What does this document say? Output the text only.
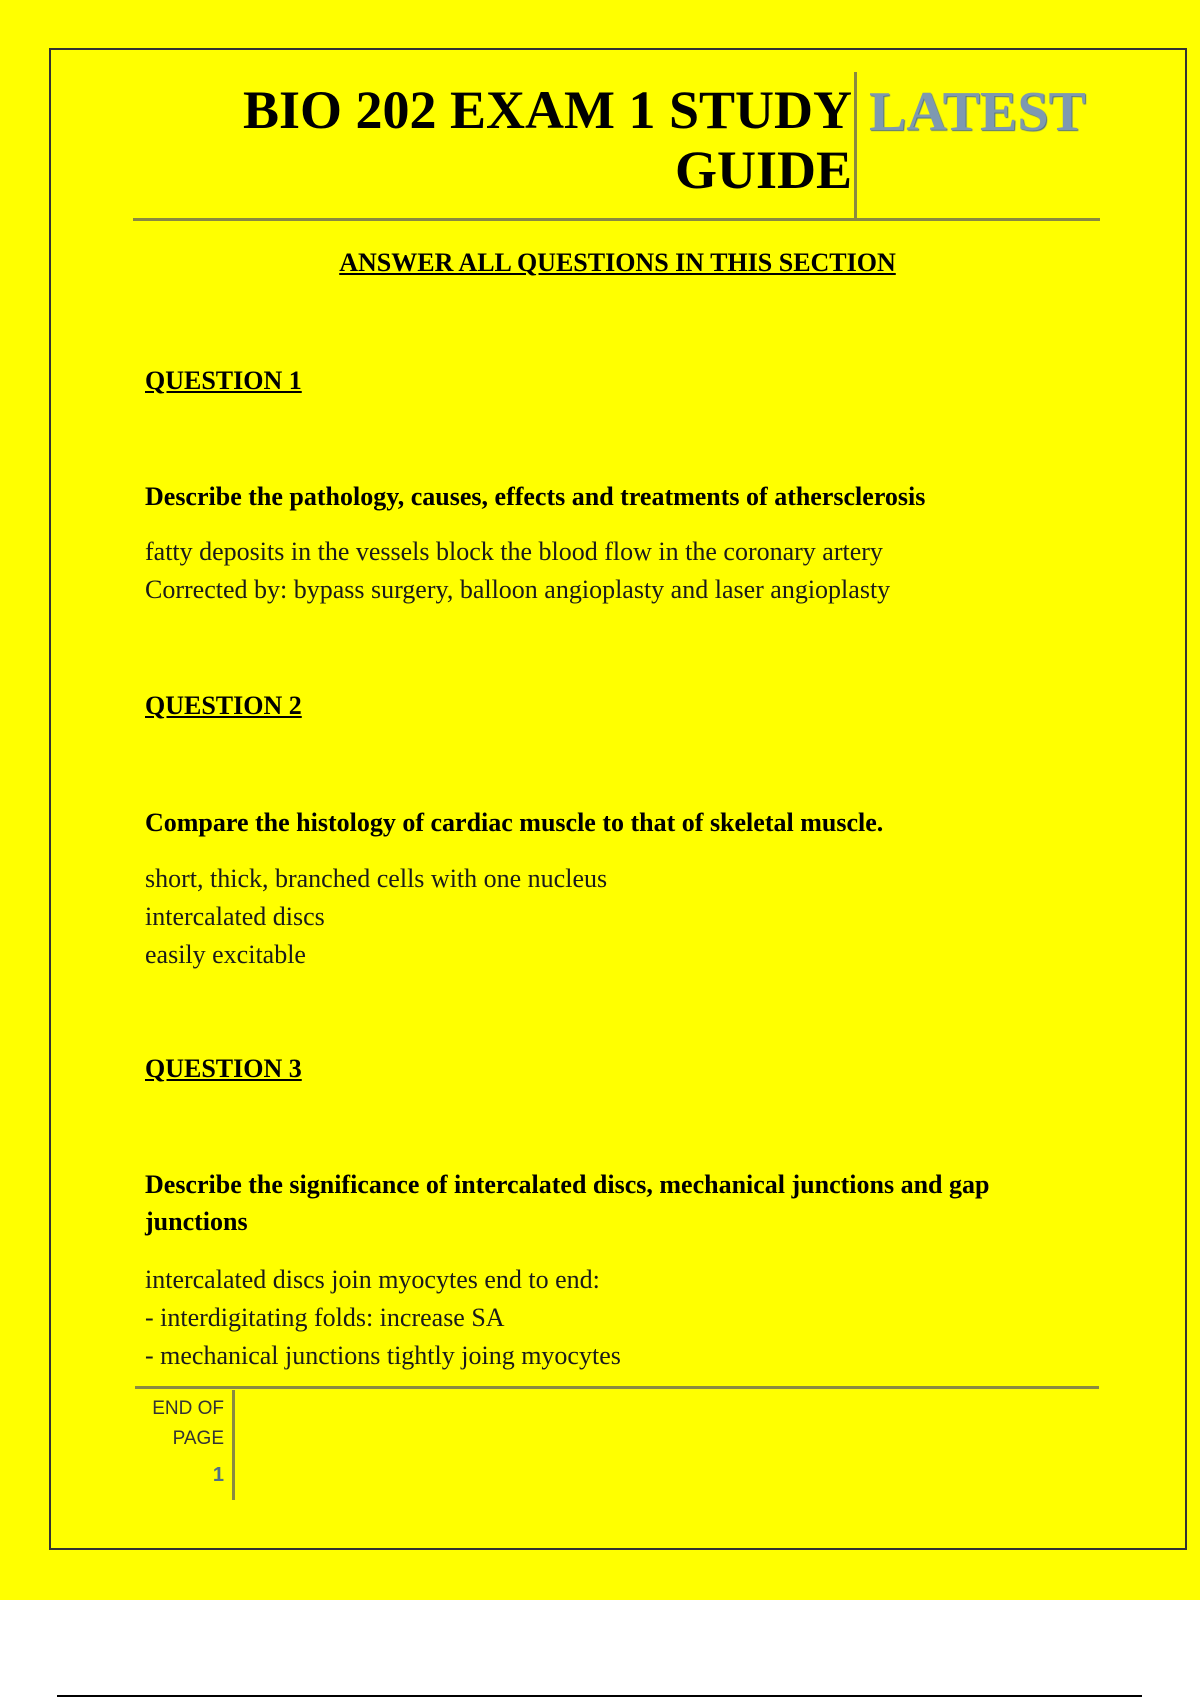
BIO 202 EXAM 1 STUDY
GUIDE
LATEST
ANSWER ALL QUESTIONS IN THIS SECTION
QUESTION 1
Describe the pathology, causes, effects and treatments of athersclerosis
fatty deposits in the vessels block the blood flow in the coronary artery
Corrected by: bypass surgery, balloon angioplasty and laser angioplasty
QUESTION 2
Compare the histology of cardiac muscle to that of skeletal muscle.
short, thick, branched cells with one nucleus
intercalated discs
easily excitable
QUESTION 3
Describe the significance of intercalated discs, mechanical junctions and gap junctions
intercalated discs join myocytes end to end:
- interdigitating folds: increase SA
- mechanical junctions tightly joing myocytes
END OF
PAGE
1
